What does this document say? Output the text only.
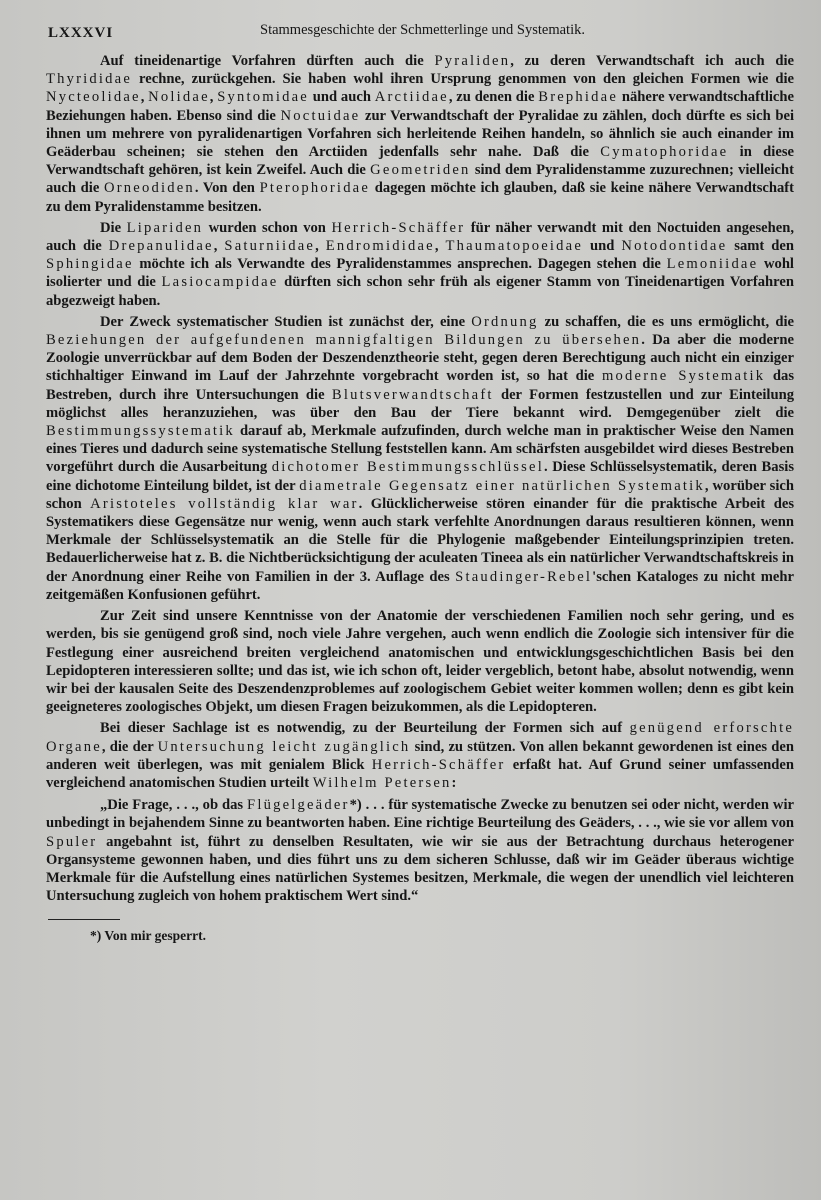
LXXXVI	Stammesgeschichte der Schmetterlinge und Systematik.

Auf tineidenartige Vorfahren dürften auch die Pyraliden, zu deren Verwandtschaft ich auch die Thyrididae rechne, zurückgehen. Sie haben wohl ihren Ursprung genommen von den gleichen Formen wie die Nycteolidae, Nolidae, Syntomidae und auch Arctiidae, zu denen die Brephidae nähere verwandtschaftliche Beziehungen haben. Ebenso sind die Noctuidae zur Verwandtschaft der Pyralidae zu zählen, doch dürfte es sich bei ihnen um mehrere von pyralidenartigen Vorfahren sich herleitende Reihen handeln, so ähnlich sie auch einander im Geäderbau scheinen; sie stehen den Arctiiden jedenfalls sehr nahe. Daß die Cymatophoridae in diese Verwandtschaft gehören, ist kein Zweifel. Auch die Geometriden sind dem Pyralidenstamme zuzurechnen; vielleicht auch die Orneodiden. Von den Pterophoridae dagegen möchte ich glauben, daß sie keine nähere Verwandtschaft zu dem Pyralidenstamme besitzen.

Die Lipariden wurden schon von Herrich-Schäffer für näher verwandt mit den Noctuiden angesehen, auch die Drepanulidae, Saturniidae, Endromididae, Thaumatopoeidae und Notodontidae samt den Sphingidae möchte ich als Verwandte des Pyralidenstammes ansprechen. Dagegen stehen die Lemoniidae wohl isolierter und die Lasiocampidae dürften sich schon sehr früh als eigener Stamm von Tineidenartigen Vorfahren abgezweigt haben.

Der Zweck systematischer Studien ist zunächst der, eine Ordnung zu schaffen, die es uns ermöglicht, die Beziehungen der aufgefundenen mannigfaltigen Bildungen zu übersehen. Da aber die moderne Zoologie unverrückbar auf dem Boden der Deszendenztheorie steht, gegen deren Berechtigung auch nicht ein einziger stichhaltiger Einwand im Lauf der Jahrzehnte vorgebracht worden ist, so hat die moderne Systematik das Bestreben, durch ihre Untersuchungen die Blutsverwandtschaft der Formen festzustellen und zur Einteilung möglichst alles heranzuziehen, was über den Bau der Tiere bekannt wird. Demgegenüber zielt die Bestimmungssystematik darauf ab, Merkmale aufzufinden, durch welche man in praktischer Weise den Namen eines Tieres und dadurch seine systematische Stellung feststellen kann. Am schärfsten ausgebildet wird dieses Bestreben vorgeführt durch die Ausarbeitung dichotomer Bestimmungsschlüssel. Diese Schlüsselsystematik, deren Basis eine dichotome Einteilung bildet, ist der diametrale Gegensatz einer natürlichen Systematik, worüber sich schon Aristoteles vollständig klar war. Glücklicherweise stören einander für die praktische Arbeit des Systematikers diese Gegensätze nur wenig, wenn auch stark verfehlte Anordnungen daraus resultieren können, wenn Merkmale der Schlüsselsystematik an die Stelle für die Phylogenie maßgebender Einteilungsprinzipien treten. Bedauerlicherweise hat z. B. die Nichtberücksichtigung der aculeaten Tineea als ein natürlicher Verwandtschaftskreis in der Anordnung einer Reihe von Familien in der 3. Auflage des Staudinger-Rebel'schen Kataloges zu nicht mehr zeitgemäßen Konfusionen geführt.

Zur Zeit sind unsere Kenntnisse von der Anatomie der verschiedenen Familien noch sehr gering, und es werden, bis sie genügend groß sind, noch viele Jahre vergehen, auch wenn endlich die Zoologie sich intensiver für die Festlegung einer ausreichend breiten vergleichend anatomischen und entwicklungsgeschichtlichen Basis bei den Lepidopteren interessieren sollte; und das ist, wie ich schon oft, leider vergeblich, betont habe, absolut notwendig, wenn wir bei der kausalen Seite des Deszendenzproblemes auf zoologischem Gebiet weiter kommen wollen; denn es gibt kein geeigneteres zoologisches Objekt, um diesen Fragen beizukommen, als die Lepidopteren.

Bei dieser Sachlage ist es notwendig, zu der Beurteilung der Formen sich auf genügend erforschte Organe, die der Untersuchung leicht zugänglich sind, zu stützen. Von allen bekannt gewordenen ist eines den anderen weit überlegen, was mit genialem Blick Herrich-Schäffer erfaßt hat. Auf Grund seiner umfassenden vergleichend anatomischen Studien urteilt Wilhelm Petersen:

„Die Frage, . . ., ob das Flügelgeäder*) . . . für systematische Zwecke zu benutzen sei oder nicht, werden wir unbedingt in bejahendem Sinne zu beantworten haben. Eine richtige Beurteilung des Geäders, . . ., wie sie vor allem von Spuler angebahnt ist, führt zu denselben Resultaten, wie wir sie aus der Betrachtung durchaus heterogener Organsysteme gewonnen haben, und dies führt uns zu dem sicheren Schlusse, daß wir im Geäder überaus wichtige Merkmale für die Aufstellung eines natürlichen Systemes besitzen, Merkmale, die wegen der unendlich viel leichteren Untersuchung zugleich von hohem praktischem Wert sind.“

*) Von mir gesperrt.
